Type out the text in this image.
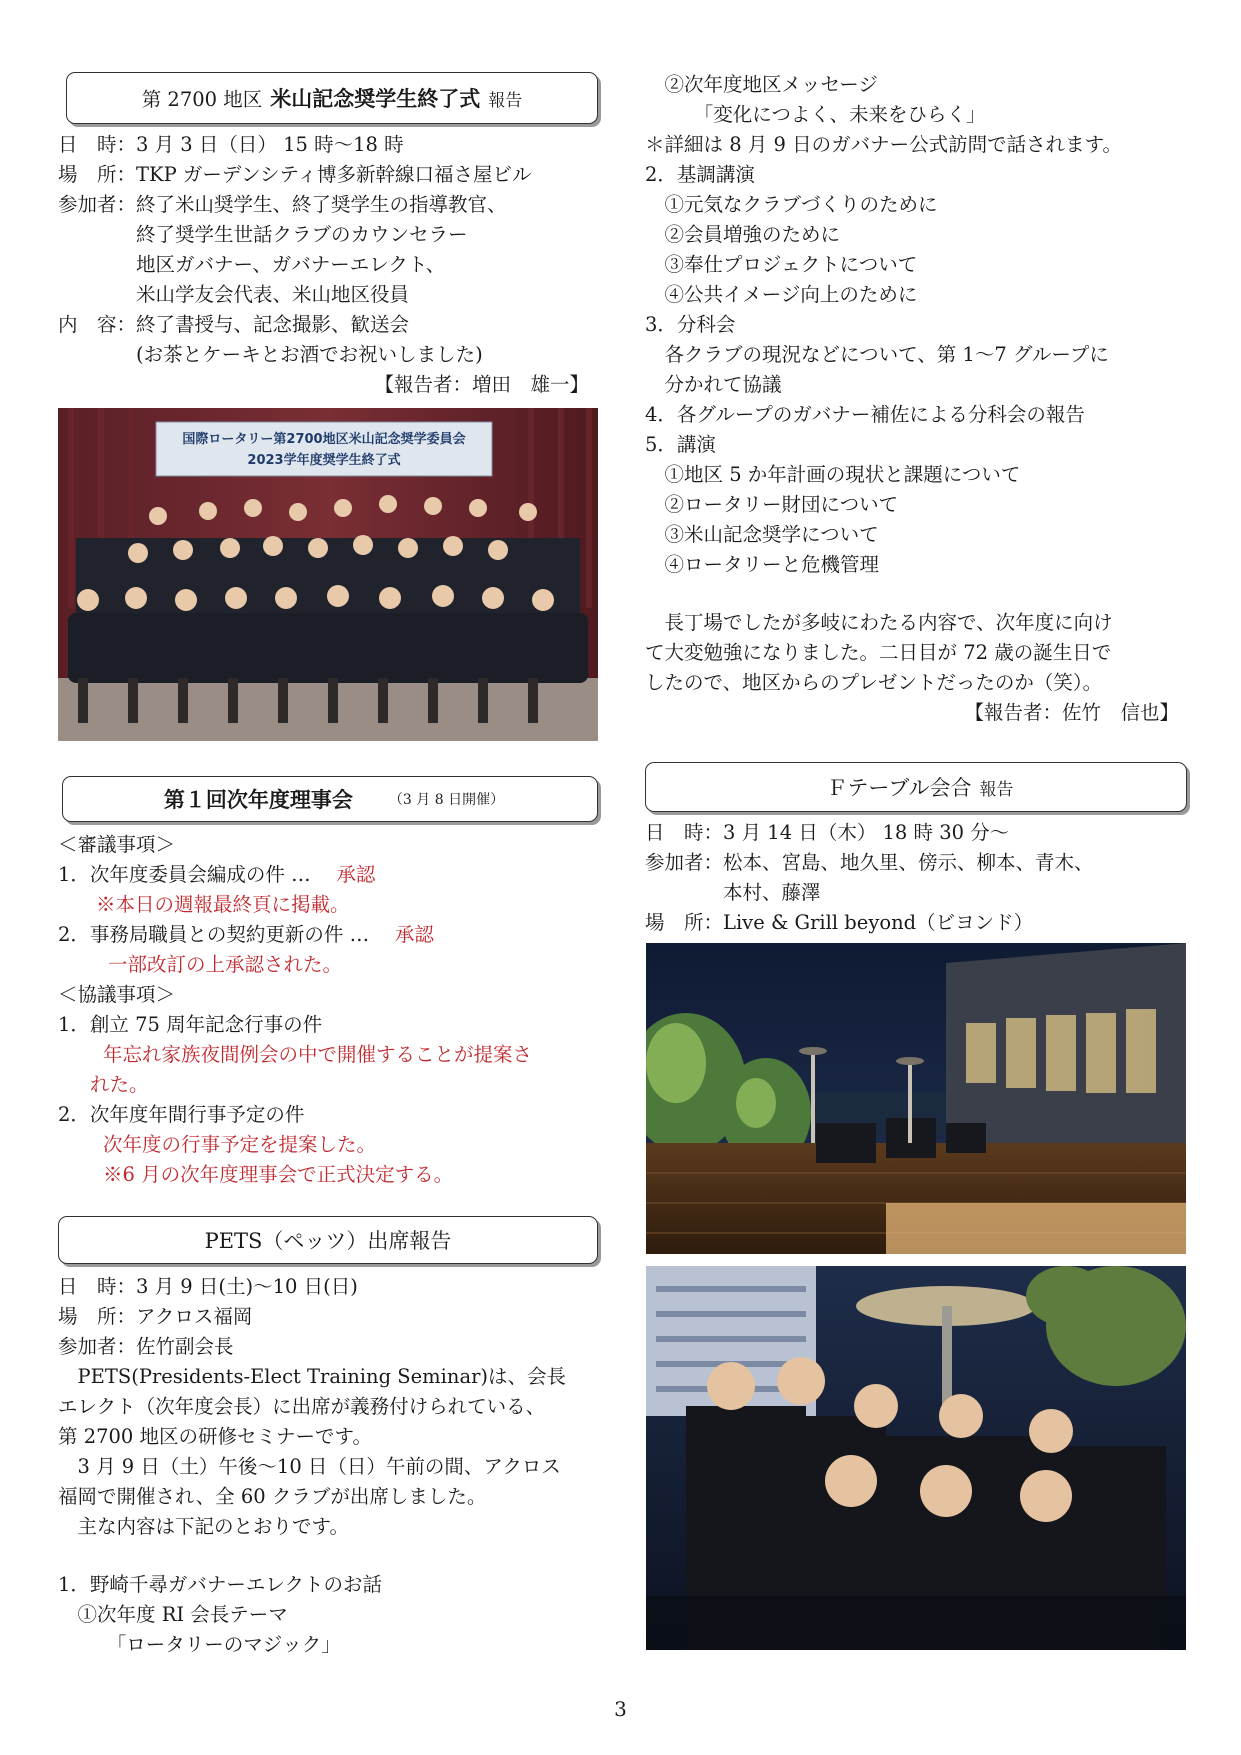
第 2700 地区 米山記念奨学生終了式 報告
日　時：3 月 3 日（日） 15 時～18 時
場　所：TKP ガーデンシティ博多新幹線口福さ屋ビル
参加者：終了米山奨学生、終了奨学生の指導教官、
　　　　終了奨学生世話クラブのカウンセラー
　　　　地区ガバナー、ガバナーエレクト、
　　　　米山学友会代表、米山地区役員
内　容：終了書授与、記念撮影、歓送会
　　　　(お茶とケーキとお酒でお祝いしました)
【報告者：増田　雄一】
国際ロータリー第2700地区米山記念奨学委員会
2023学年度奨学生終了式
第１回次年度理事会	（3 月 8 日開催）
＜審議事項＞
1．次年度委員会編成の件 …　 承認
※本日の週報最終頁に掲載。
2．事務局職員との契約更新の件 …　 承認
一部改訂の上承認された。
＜協議事項＞
1．創立 75 周年記念行事の件
年忘れ家族夜間例会の中で開催することが提案さ
れた。
2．次年度年間行事予定の件
次年度の行事予定を提案した。
※6 月の次年度理事会で正式決定する。
PETS（ペッツ）出席報告
日　時：3 月 9 日(土)～10 日(日)
場　所：アクロス福岡
参加者：佐竹副会長
　PETS(Presidents-Elect Training Seminar)は、会長
エレクト（次年度会長）に出席が義務付けられている、
第 2700 地区の研修セミナーです。
　3 月 9 日（土）午後～10 日（日）午前の間、アクロス
福岡で開催され、全 60 クラブが出席しました。
　主な内容は下記のとおりです。
1．野崎千尋ガバナーエレクトのお話
　①次年度 RI 会長テーマ
　　　「ロータリーのマジック」
　②次年度地区メッセージ
　　　「変化につよく、未来をひらく」
＊詳細は 8 月 9 日のガバナー公式訪問で話されます。
2．基調講演
　①元気なクラブづくりのために
　②会員増強のために
　③奉仕プロジェクトについて
　④公共イメージ向上のために
3．分科会
　各クラブの現況などについて、第 1～7 グループに
　分かれて協議
4．各グループのガバナー補佐による分科会の報告
5．講演
　①地区 5 か年計画の現状と課題について
　②ロータリー財団について
　③米山記念奨学について
　④ロータリーと危機管理
　長丁場でしたが多岐にわたる内容で、次年度に向け
て大変勉強になりました。二日目が 72 歳の誕生日で
したので、地区からのプレゼントだったのか（笑）。
【報告者：佐竹　信也】
Ｆテーブル会合 報告
日　時：3 月 14 日（木） 18 時 30 分～
参加者：松本、宮島、地久里、傍示、柳本、青木、
　　　　本村、藤澤
場　所：Live & Grill beyond（ビヨンド）
3
